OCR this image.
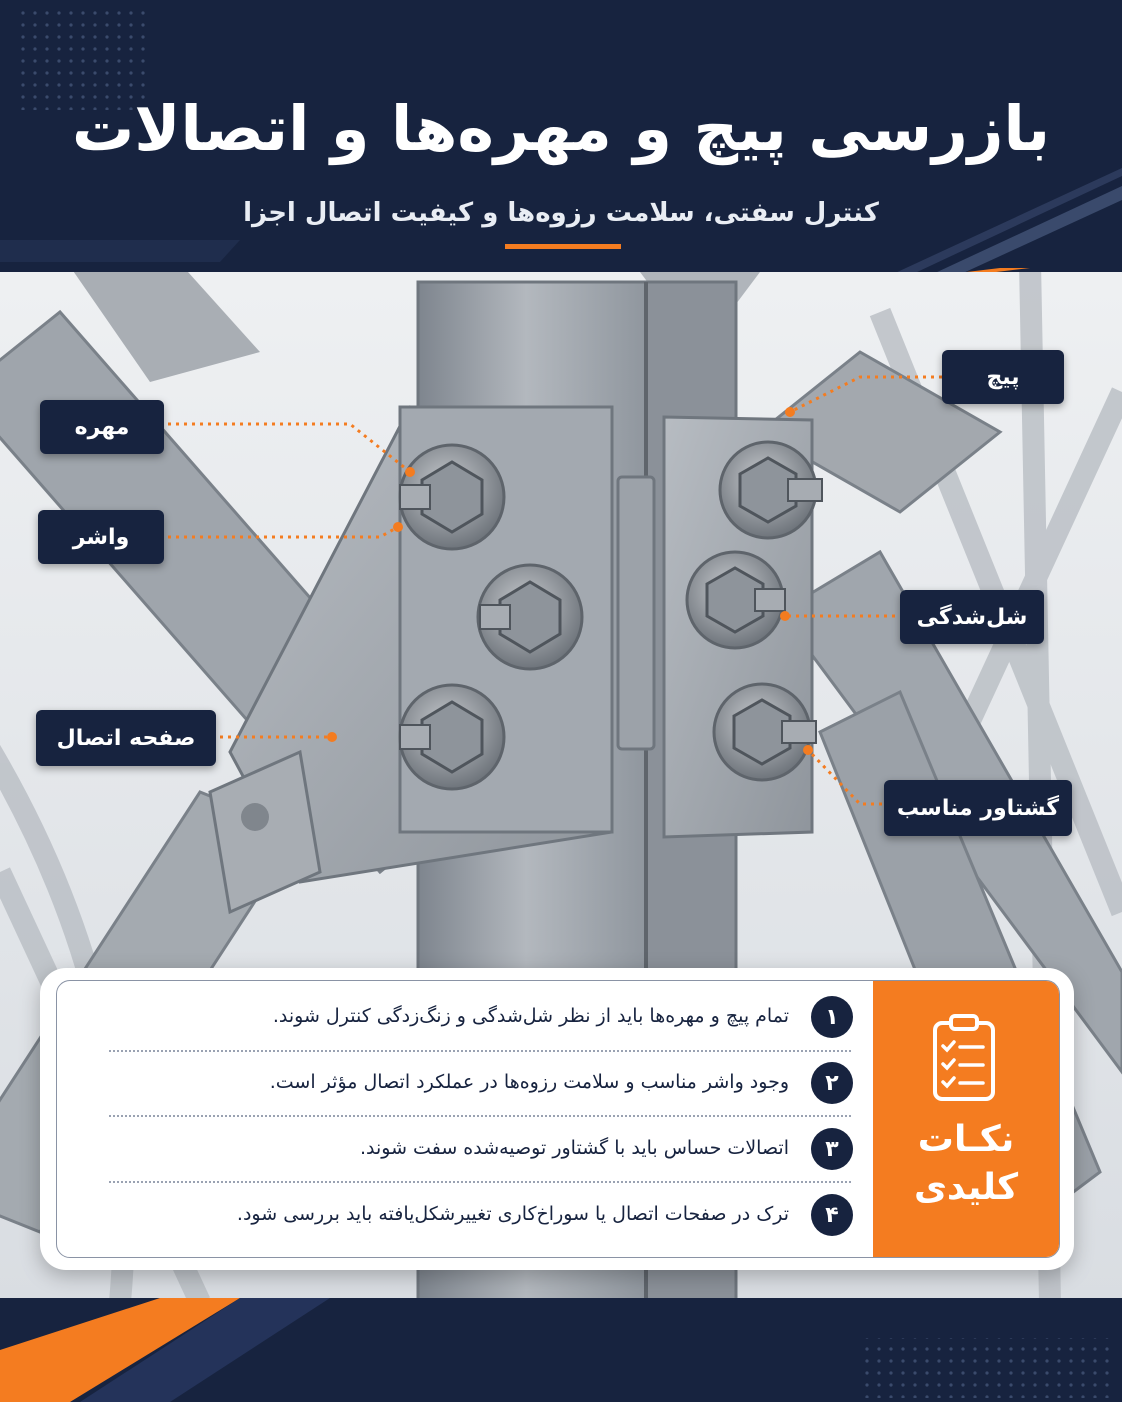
بازرسی پیچ و مهره‌ها و اتصالات
کنترل سفتی، سلامت رزوه‌ها و کیفیت اتصال اجزا
پیچ
مهره
واشر
شل‌شدگی
صفحه اتصال
گشتاور مناسب
نکـات
کلیدی
۱
تمام پیچ و مهره‌ها باید از نظر شل‌شدگی و زنگ‌زدگی کنترل شوند.
۲
وجود واشر مناسب و سلامت رزوه‌ها در عملکرد اتصال مؤثر است.
۳
اتصالات حساس باید با گشتاور توصیه‌شده سفت شوند.
۴
ترک در صفحات اتصال یا سوراخ‌کاری تغییرشکل‌یافته باید بررسی شود.
